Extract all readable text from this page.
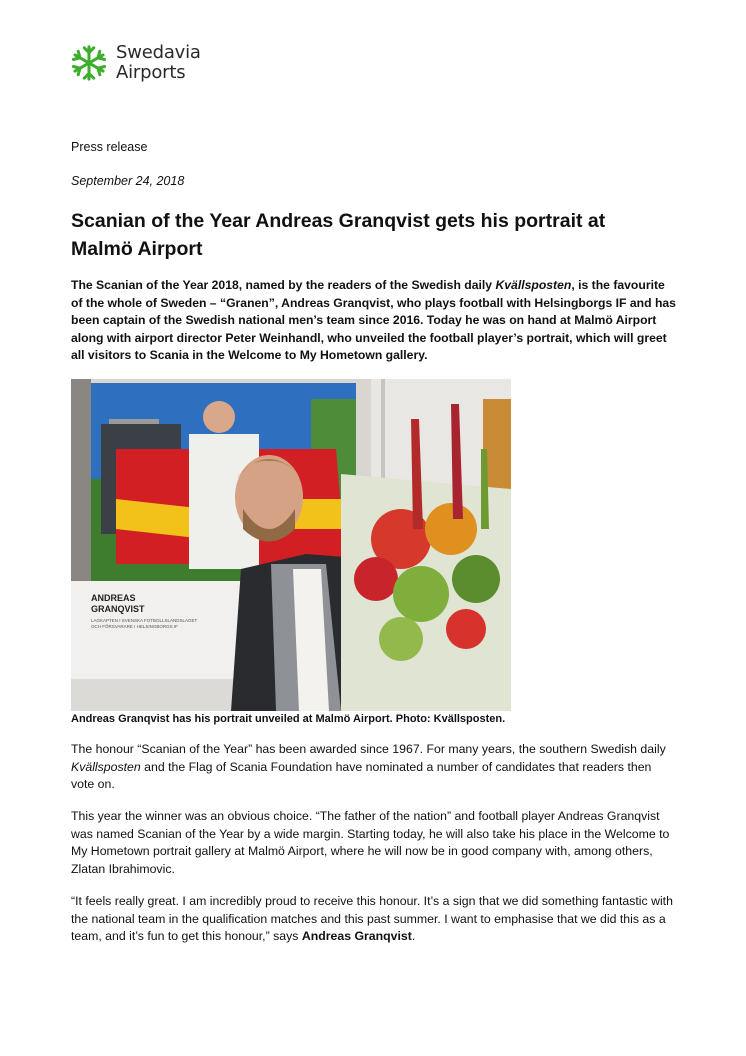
Swedavia
Airports
Press release
September 24, 2018
Scanian of the Year Andreas Granqvist gets his portrait at
Malmö Airport
The Scanian of the Year 2018, named by the readers of the Swedish daily Kvällsposten, is the favourite of the whole of Sweden – “Granen”, Andreas Granqvist, who plays football with Helsingborgs IF and has been captain of the Swedish national men’s team since 2016. Today he was on hand at Malmö Airport along with airport director Peter Weinhandl, who unveiled the football player’s portrait, which will greet all visitors to Scania in the Welcome to My Hometown gallery.
ANDREAS
GRANQVIST
LAGKAPTEN I SVENSKA FOTBOLLSLANDSLAGET
OCH FÖRSVARARE I HELSINGBORGS IF
Andreas Granqvist has his portrait unveiled at Malmö Airport. Photo: Kvällsposten.
The honour “Scanian of the Year” has been awarded since 1967. For many years, the southern Swedish daily Kvällsposten and the Flag of Scania Foundation have nominated a number of candidates that readers then vote on.
This year the winner was an obvious choice. “The father of the nation” and football player Andreas Granqvist was named Scanian of the Year by a wide margin. Starting today, he will also take his place in the Welcome to My Hometown portrait gallery at Malmö Airport, where he will now be in good company with, among others, Zlatan Ibrahimovic.
“It feels really great. I am incredibly proud to receive this honour. It’s a sign that we did something fantastic with the national team in the qualification matches and this past summer. I want to emphasise that we did this as a team, and it’s fun to get this honour,” says Andreas Granqvist.
